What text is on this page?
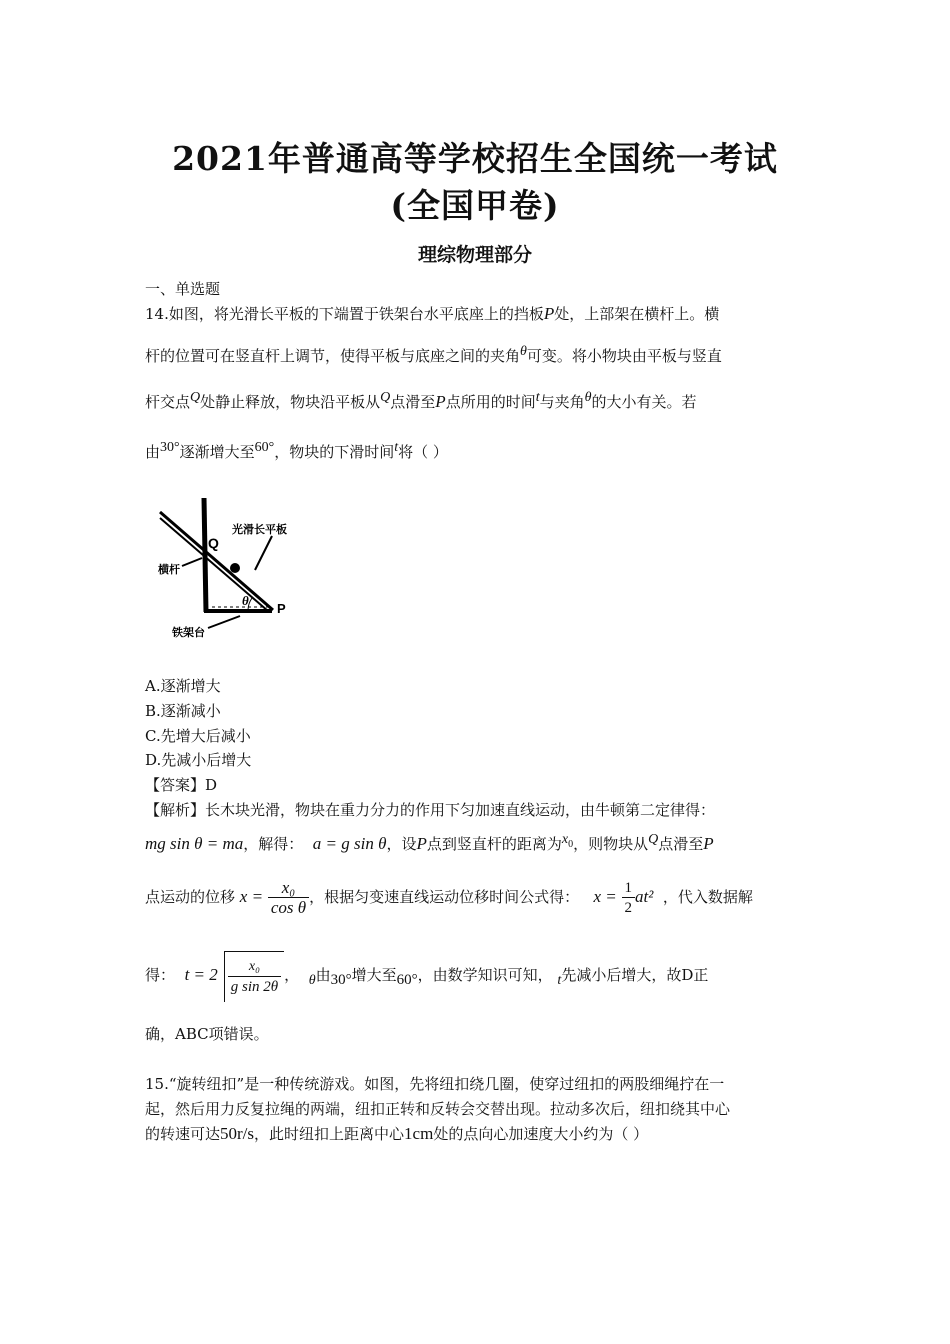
2021年普通高等学校招生全国统一考试
(全国甲卷)
理综物理部分
一、单选题
14.如图，将光滑长平板的下端置于铁架台水平底座上的挡板P处，上部架在横杆上。横
杆的位置可在竖直杆上调节，使得平板与底座之间的夹角$^\theta$可变。将小物块由平板与竖直
杆交点$^Q$处静止释放，物块沿平板从$^Q$点滑至P点所用的时间$^t$与夹角$^\theta$的大小有关。若
由$^{30^\circ}$逐渐增大至$^{60^\circ}$，物块的下滑时间$^t$将（ ）
Q
P
θ
光滑长平板
横杆
铁架台
A.逐渐增大
B.逐渐减小
C.先增大后减小
D.先减小后增大
【答案】D
【解析】长木块光滑，物块在重力分力的作用下匀加速直线运动，由牛顿第二定律得：
mg sin θ = ma，解得： a = g sin θ，设P点到竖直杆的距离为$^{x_0}$，则物块从$^Q$点滑至P
点运动的位移 $x = \frac{\text{x₀}}{\text{cos θ}}$ ，根据匀变速直线运动位移时间公式得： $x = \frac{1}{2} at^2$ ，代入数据解
得： $t = 2 \frac{\text{x₀}}{\text{g sin 2θ}}$ ， $_\theta$由$_{30^\circ}$增大至$_{60^\circ}$，由数学知识可知， $_t$先减小后增大，故D正
确，ABC项错误。
15.“旋转纽扣”是一种传统游戏。如图，先将纽扣绕几圈，使穿过纽扣的两股细绳拧在一
起，然后用力反复拉绳的两端，纽扣正转和反转会交替出现。拉动多次后，纽扣绕其中心
的转速可达50r/s，此时纽扣上距离中心1cm处的点向心加速度大小约为（ ）
